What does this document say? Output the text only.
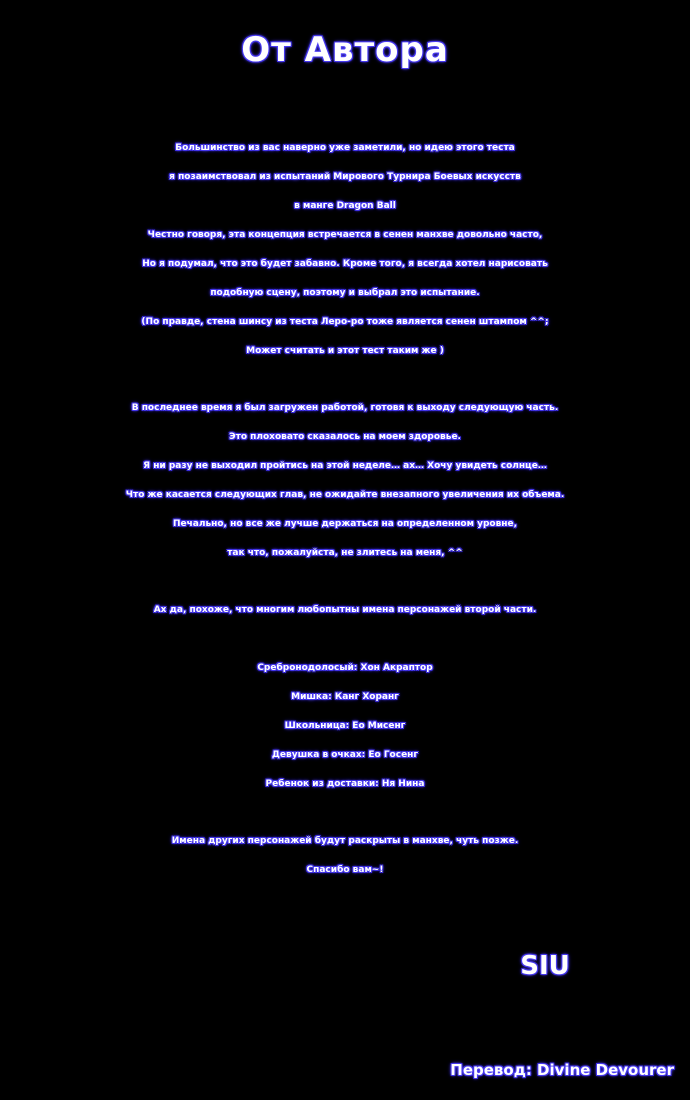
От Автора
Большинство из вас наверно уже заметили, но идею этого теста
я позаимствовал из испытаний Мирового Турнира Боевых искусств
в манге Dragon Ball
Честно говоря, эта концепция встречается в сенен манхве довольно часто,
Но я подумал, что это будет забавно. Кроме того, я всегда хотел нарисовать
подобную сцену, поэтому и выбрал это испытание.
(По правде, стена шинсу из теста Леро-ро тоже является сенен штампом ^^;
Может считать и этот тест таким же )
В последнее время я был загружен работой, готовя к выходу следующую часть.
Это плоховато сказалось на моем здоровье.
Я ни разу не выходил пройтись на этой неделе… ах… Хочу увидеть солнце…
Что же касается следующих глав, не ожидайте внезапного увеличения их объема.
Печально, но все же лучше держаться на определенном уровне,
так что, пожалуйста, не злитесь на меня, ^^
Ах да, похоже, что многим любопытны имена персонажей второй части.
Сребронодолосый: Хон Акраптор
Мишка: Канг Хоранг
Школьница: Ео Мисенг
Девушка в очках: Ео Госенг
Ребенок из доставки: Ня Нина
Имена других персонажей будут раскрыты в манхве, чуть позже.
Спасибо вам~!
SIU
Перевод: Divine Devourer
